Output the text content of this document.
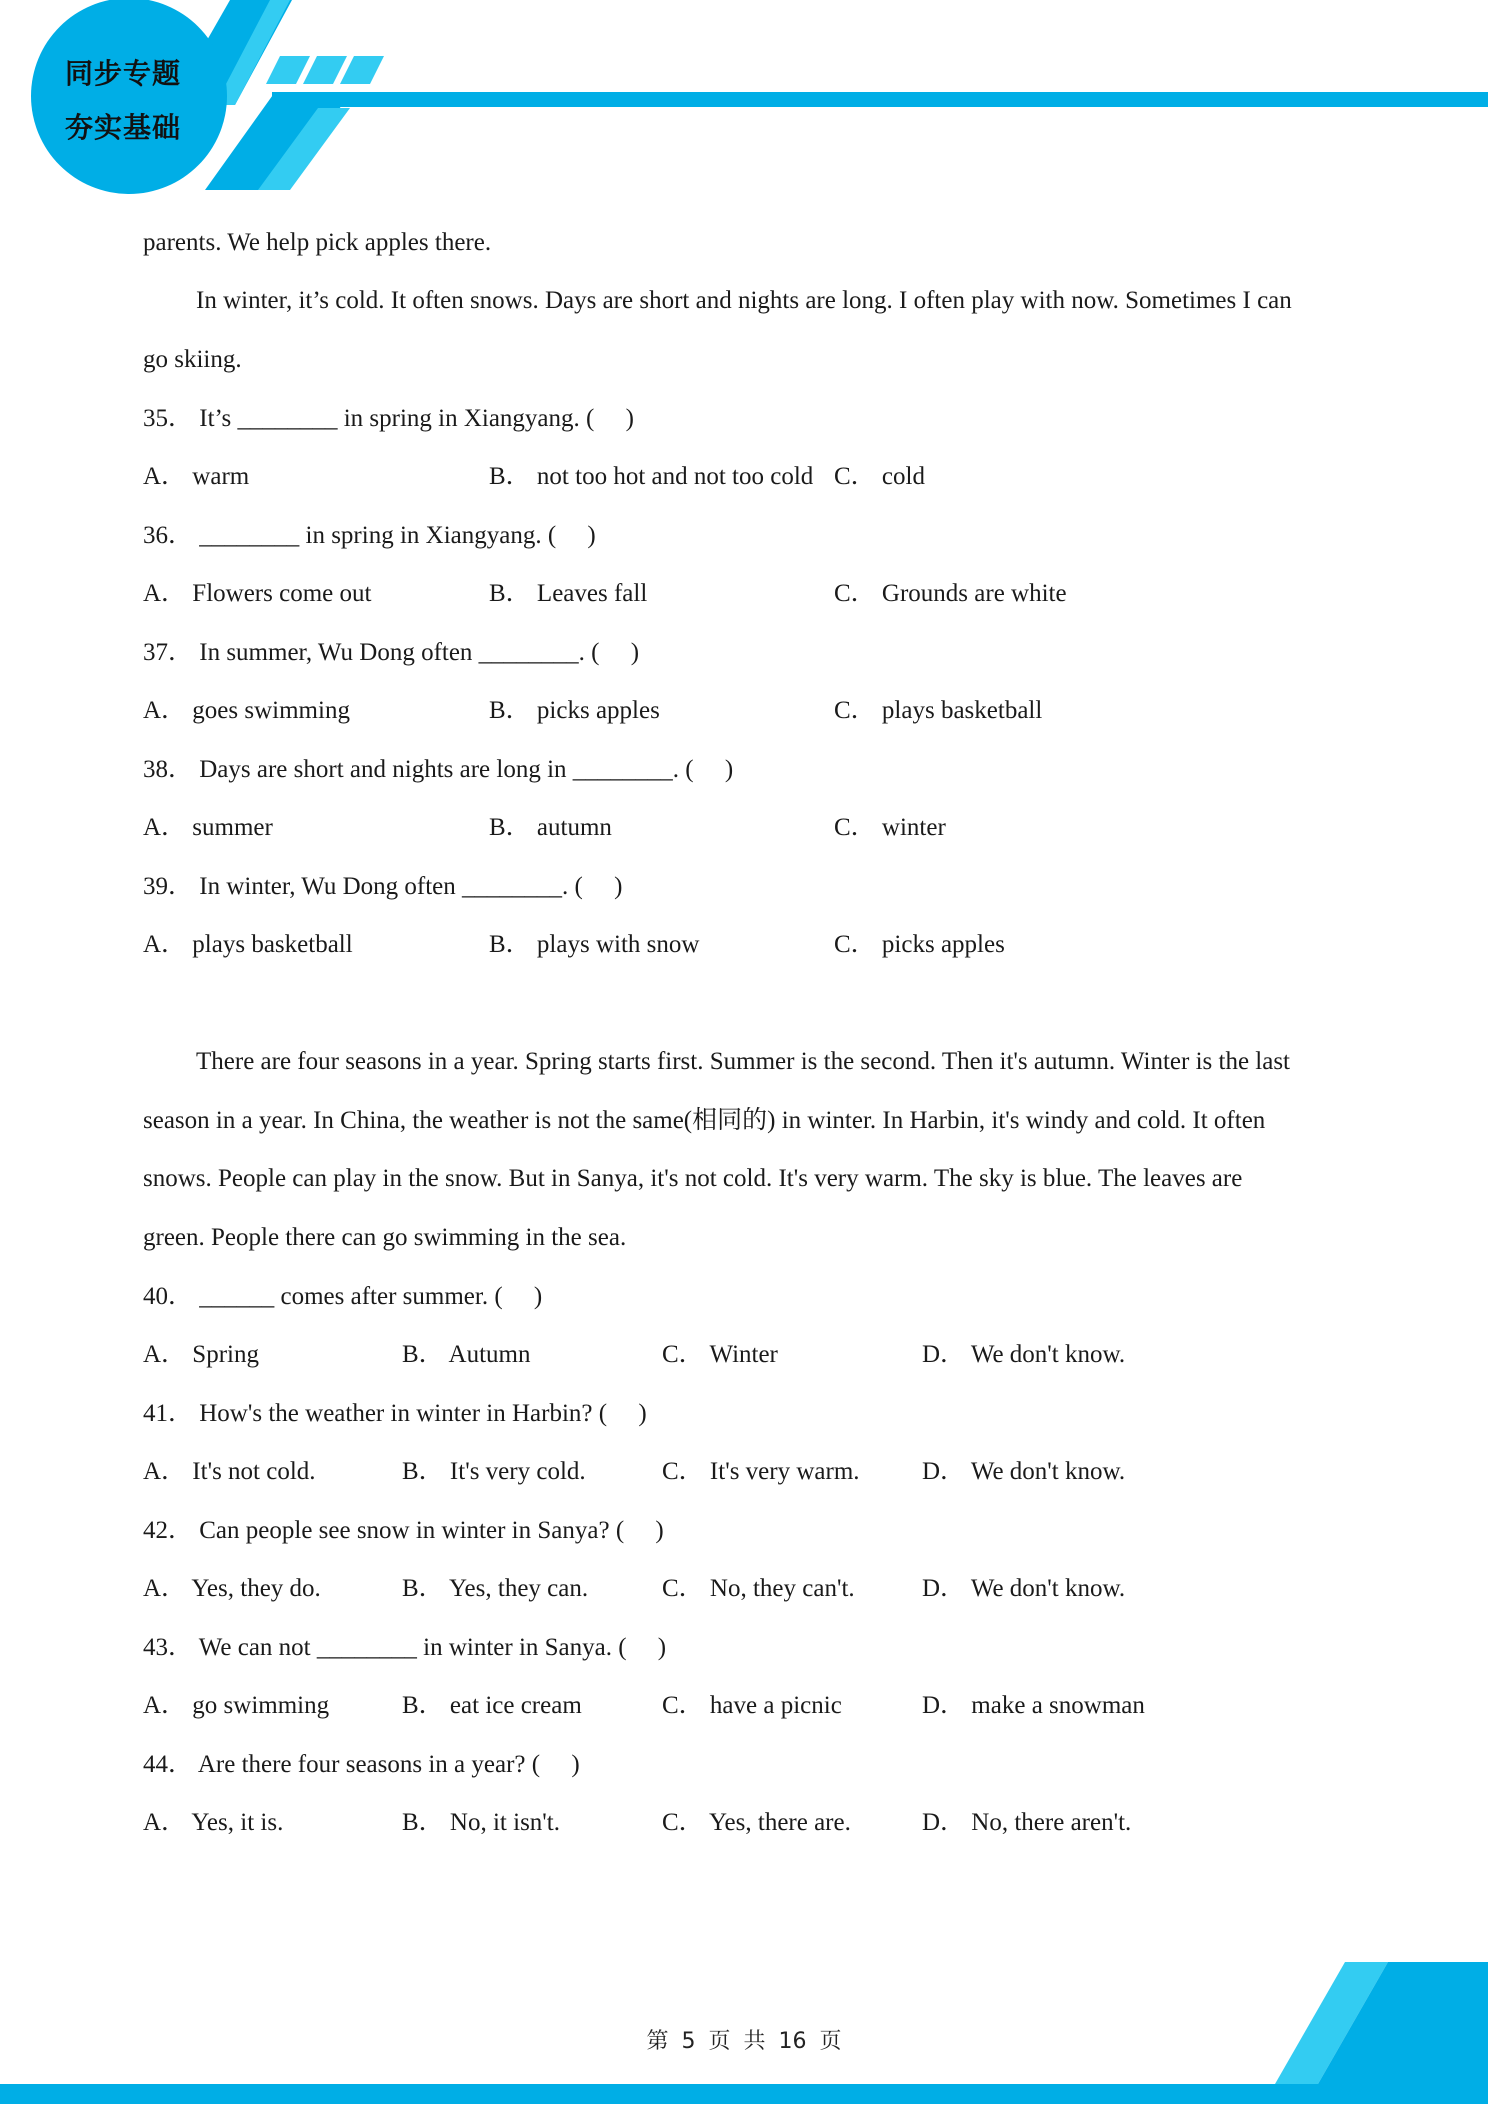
同步专题
夯实基础
parents. We help pick apples there.
In winter, it’s cold. It often snows. Days are short and nights are long. I often play with now. Sometimes I can
go skiing.
35． It’s ________ in spring in Xiangyang. (  )
A． warm	B． not too hot and not too cold C． cold
36． ________ in spring in Xiangyang. (  )
A． Flowers come out	B． Leaves fall	C． Grounds are white
37． In summer, Wu Dong often ________. (  )
A． goes swimming	B． picks apples	C． plays basketball
38． Days are short and nights are long in ________. (  )
A． summer	B． autumn	C． winter
39． In winter, Wu Dong often ________. (  )
A． plays basketball	B． plays with snow	C． picks apples
There are four seasons in a year. Spring starts first. Summer is the second. Then it's autumn. Winter is the last
season in a year. In China, the weather is not the same(相同的) in winter. In Harbin, it's windy and cold. It often
snows. People can play in the snow. But in Sanya, it's not cold. It's very warm. The sky is blue. The leaves are
green. People there can go swimming in the sea.
40． ______ comes after summer. (  )
A． Spring	B． Autumn	C． Winter	D． We don't know.
41． How's the weather in winter in Harbin? (  )
A． It's not cold.	B． It's very cold.	C． It's very warm. D． We don't know.
42． Can people see snow in winter in Sanya? (  )
A． Yes, they do.	B． Yes, they can.	C． No, they can't.	D． We don't know.
43． We can not ________ in winter in Sanya. (  )
A． go swimming	B． eat ice cream	C． have a picnic	D． make a snowman
44． Are there four seasons in a year? (  )
A． Yes, it is.	B． No, it isn't.	C． Yes, there are.	D． No, there aren't.
第 5 页 共 16 页
